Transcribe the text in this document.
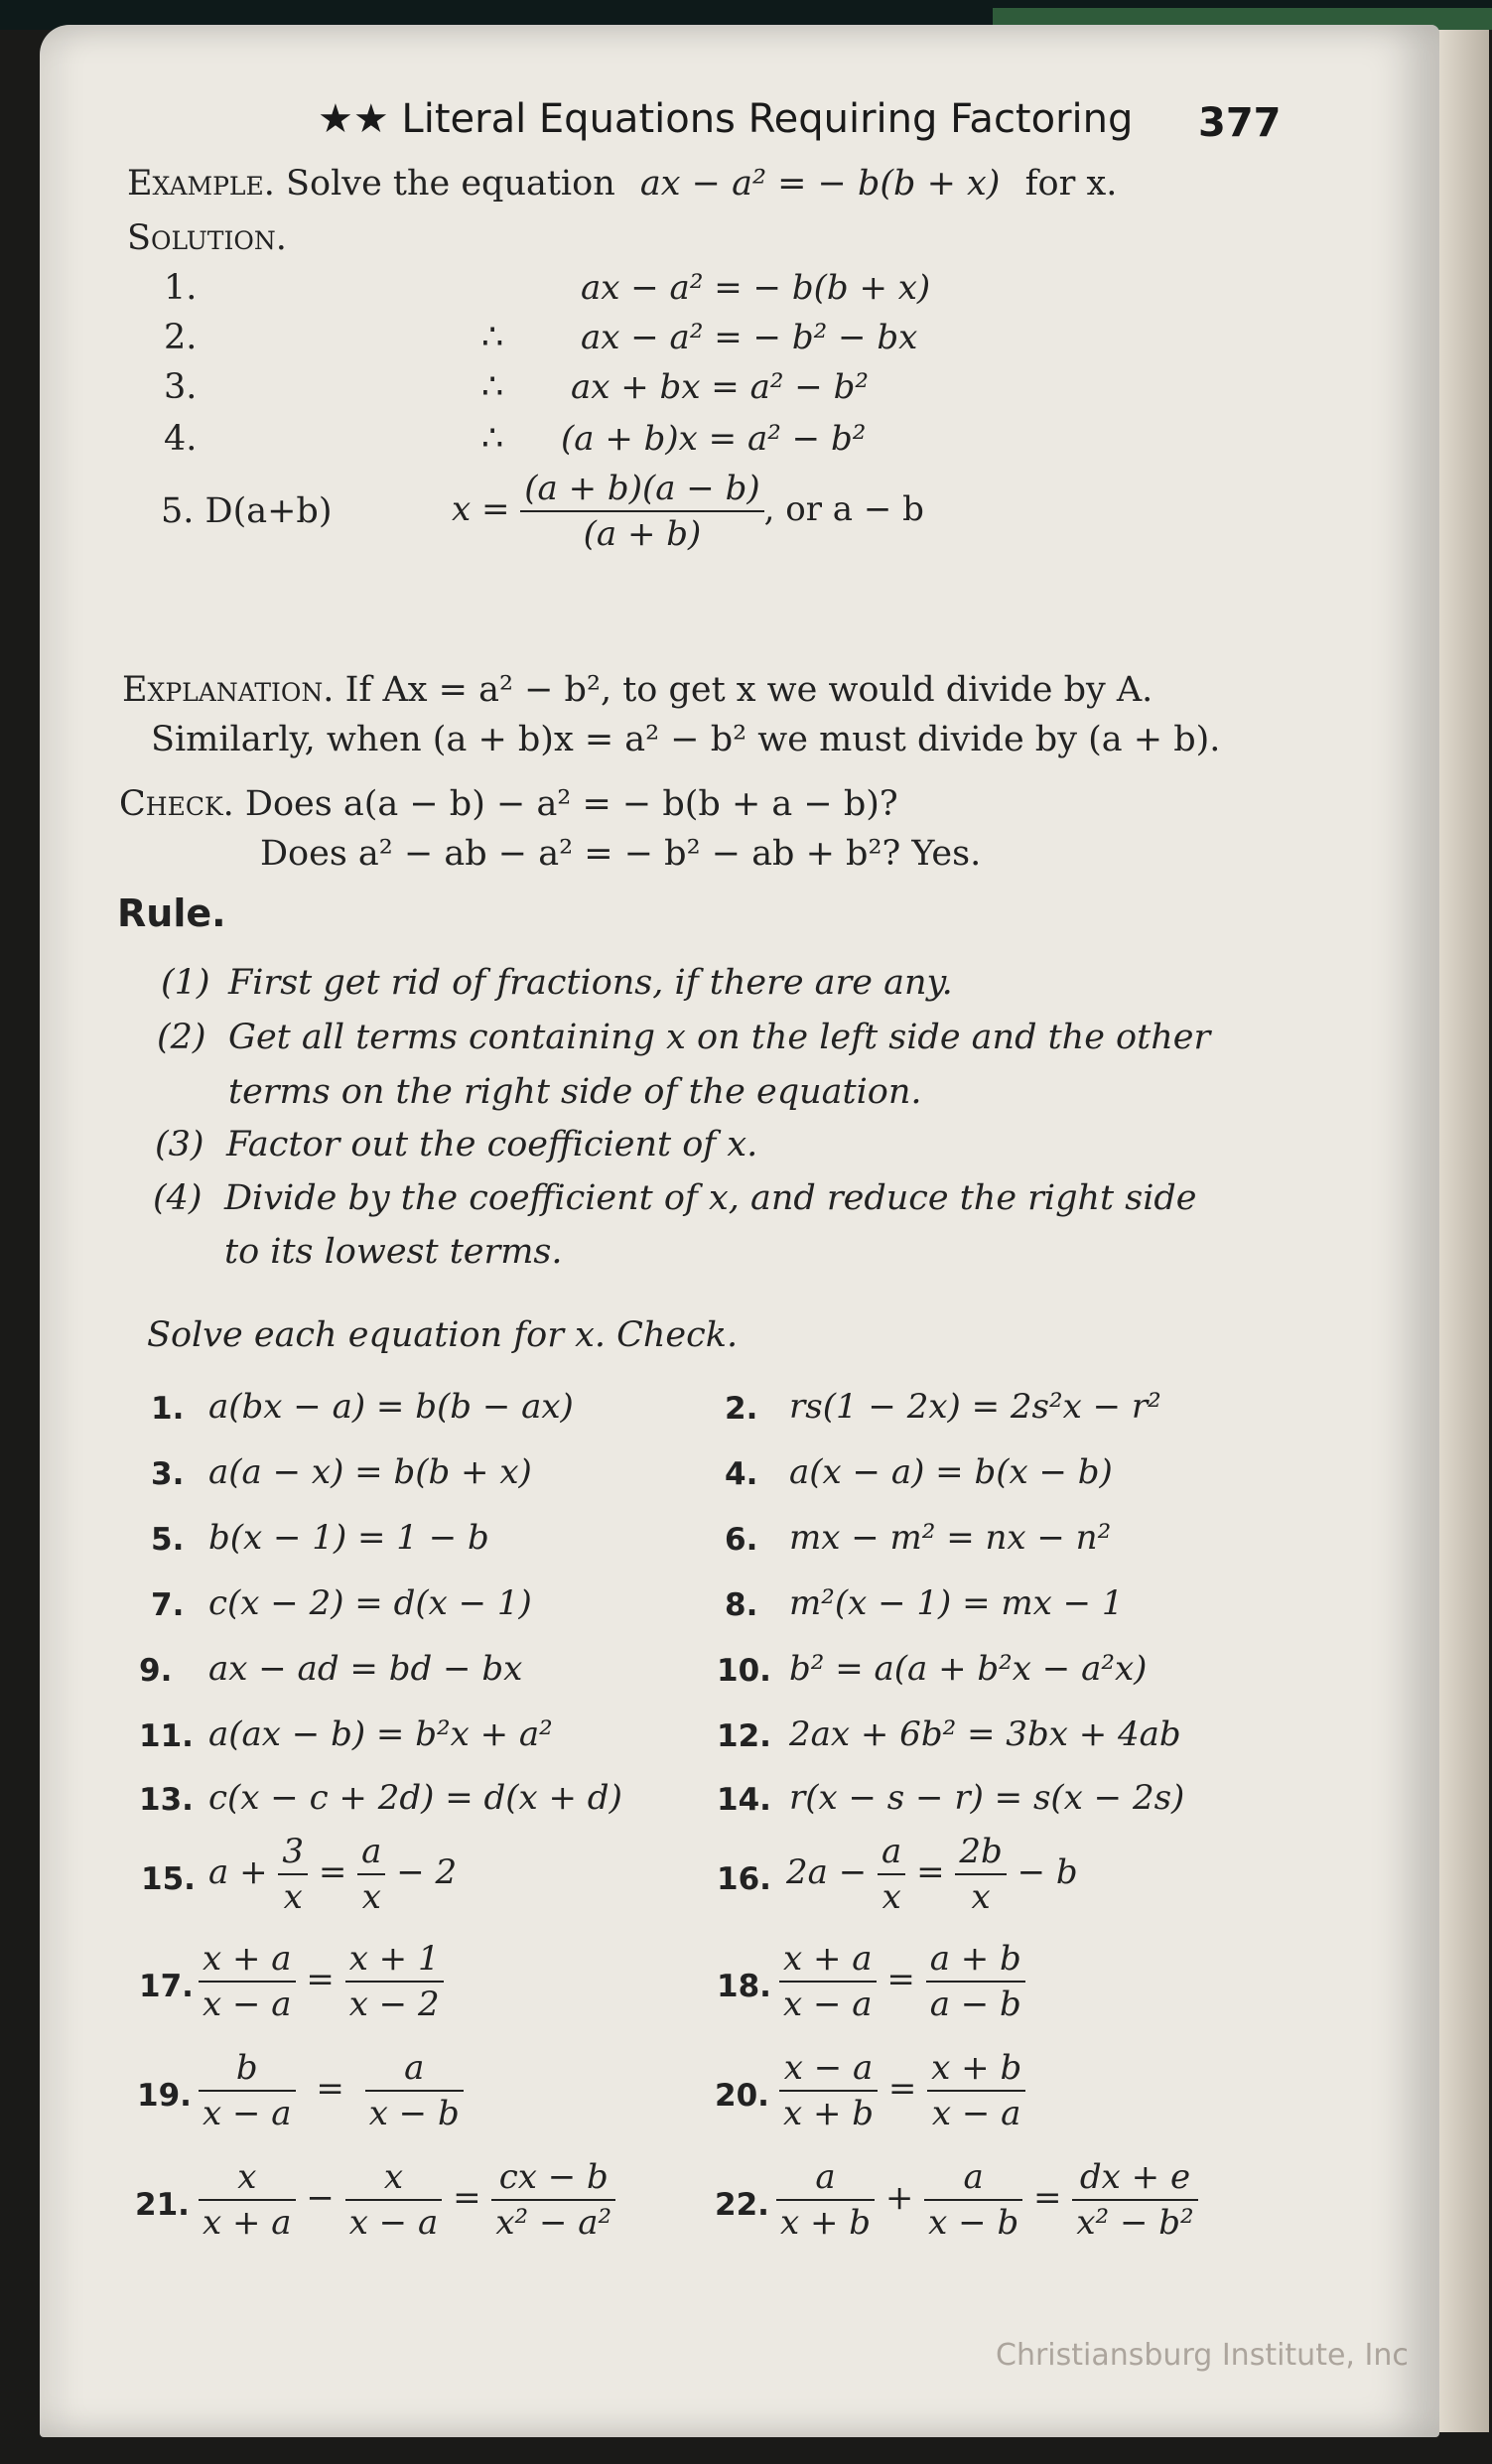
★★ Literal Equations Requiring Factoring 377
Example. Solve the equation ax − a² = − b(b + x) for x.
Solution.
1.	ax − a² = − b(b + x)
2.	∴ ax − a² = − b² − bx
3.	∴ ax + bx = a² − b²
4.	∴ (a + b)x = a² − b²
5. D(a+b)	$x = \frac{(a + b)(a - b)}{(a + b)}$ , or a − b
Explanation. If Ax = a² − b², to get x we would divide by A.
Similarly, when (a + b)x = a² − b² we must divide by (a + b).
Check. Does a(a − b) − a² = − b(b + a − b)?
Does a² − ab − a² = − b² − ab + b²? Yes.
Rule.
(1) First get rid of fractions, if there are any.
(2) Get all terms containing x on the left side and the other
terms on the right side of the equation.
(3) Factor out the coefficient of x.
(4) Divide by the coefficient of x, and reduce the right side
to its lowest terms.
Solve each equation for x. Check.
15. $a + \frac{3}{x} = \frac{a}{x} - 2$	16. $2a - \frac{a}{x} = \frac{2b}{x} - b$
17. $\frac{x + a}{x - a} = \frac{x + 1}{x - 2}$	18. $\frac{x + a}{x - a} = \frac{a + b}{a - b}$
19. $\frac{b}{x - a} = \frac{a}{x - b}$	20. $\frac{x - a}{x + b} = \frac{x + b}{x - a}$
21. $\frac{x}{x + a} - \frac{x}{x - a} = \frac{cx - b}{\text{x² − a²}}$	22. $\frac{a}{x + b} + \frac{a}{x - b} = \frac{dx + e}{\text{x² − b²}}$
1. a(bx − a) = b(b − ax)	2. rs(1 − 2x) = 2s²x − r²
3. a(a − x) = b(b + x)	4. a(x − a) = b(x − b)
5. b(x − 1) = 1 − b	6. mx − m² = nx − n²
7. c(x − 2) = d(x − 1)	8. m²(x − 1) = mx − 1
9. ax − ad = bd − bx	10. b² = a(a + b²x − a²x)
11. a(ax − b) = b²x + a²	12. 2ax + 6b² = 3bx + 4ab
13. c(x − c + 2d) = d(x + d)	14. r(x − s − r) = s(x − 2s)
Christiansburg Institute, Inc
